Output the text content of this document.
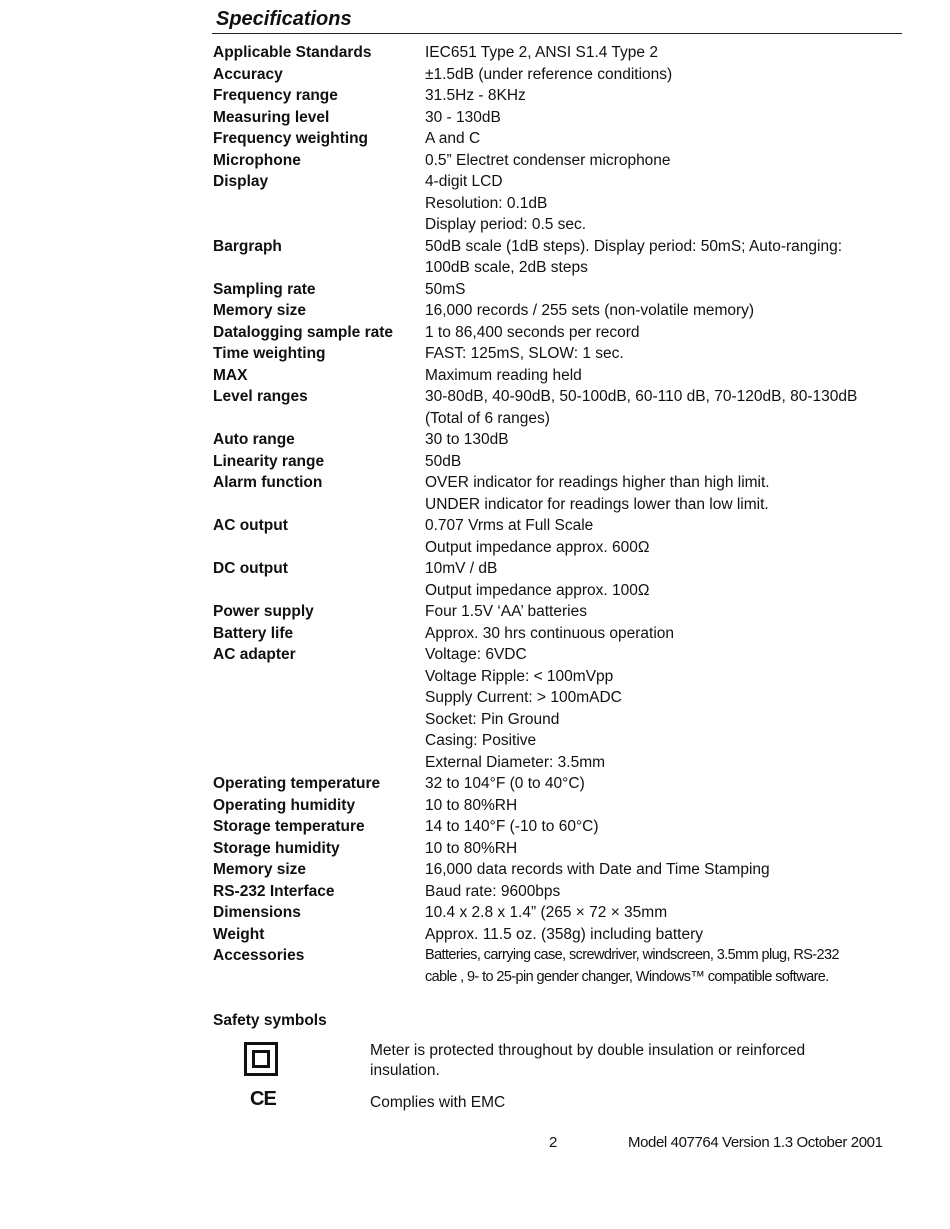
Specifications
Applicable Standards	IEC651 Type 2, ANSI S1.4 Type 2
Accuracy	±1.5dB (under reference conditions)
Frequency range	31.5Hz - 8KHz
Measuring level	30 - 130dB
Frequency weighting	A and C
Microphone	0.5” Electret condenser microphone
Display	4-digit LCD
Resolution: 0.1dB
Display period: 0.5 sec.
Bargraph	50dB scale (1dB steps). Display period: 50mS; Auto-ranging:
100dB scale, 2dB steps
Sampling rate	50mS
Memory size	16,000 records / 255 sets (non-volatile memory)
Datalogging sample rate	1 to 86,400 seconds per record
Time weighting	FAST: 125mS, SLOW: 1 sec.
MAX	Maximum reading held
Level ranges	30-80dB, 40-90dB, 50-100dB, 60-110 dB, 70-120dB, 80-130dB
(Total of 6 ranges)
Auto range	30 to 130dB
Linearity range	50dB
Alarm function	OVER indicator for readings higher than high limit.
UNDER indicator for readings lower than low limit.
AC output	0.707 Vrms at Full Scale
Output impedance approx. 600Ω
DC output	10mV / dB
Output impedance approx. 100Ω
Power supply	Four 1.5V ‘AA’ batteries
Battery life	Approx. 30 hrs continuous operation
AC adapter	Voltage: 6VDC
Voltage Ripple: < 100mVpp
Supply Current: > 100mADC
Socket: Pin Ground
Casing: Positive
External Diameter: 3.5mm
Operating temperature	32 to 104°F (0 to 40°C)
Operating humidity	10 to 80%RH
Storage temperature	14 to 140°F (-10 to 60°C)
Storage humidity	10 to 80%RH
Memory size	16,000 data records with Date and Time Stamping
RS-232 Interface	Baud rate: 9600bps
Dimensions	10.4 x 2.8 x 1.4” (265 × 72 × 35mm
Weight	Approx. 11.5 oz. (358g) including battery
Accessories	Batteries, carrying case, screwdriver, windscreen, 3.5mm plug, RS-232
cable , 9- to 25-pin gender changer, Windows™ compatible software.
Safety symbols
CE
Meter is protected throughout by double insulation or reinforced insulation.
Complies with EMC
2	Model 407764 Version 1.3 October 2001
